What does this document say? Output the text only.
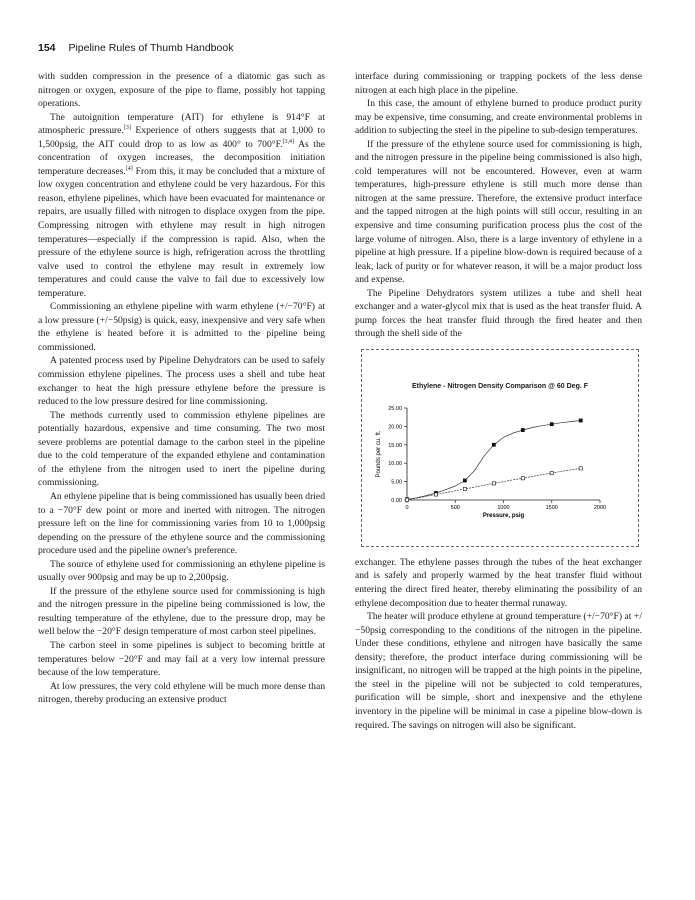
154 Pipeline Rules of Thumb Handbook

with sudden compression in the presence of a diatomic gas such as nitrogen or oxygen, exposure of the pipe to flame, possibly hot tapping operations.

The autoignition temperature (AIT) for ethylene is 914°F at atmospheric pressure.[3] Experience of others suggests that at 1,000 to 1,500psig, the AIT could drop to as low as 400° to 700°F.[3,4] As the concentration of oxygen increases, the decomposition initiation temperature decreases.[4] From this, it may be concluded that a mixture of low oxygen concentration and ethylene could be very hazardous. For this reason, ethylene pipelines, which have been evacuated for maintenance or repairs, are usually filled with nitrogen to displace oxygen from the pipe. Compressing nitrogen with ethylene may result in high nitrogen temperatures—especially if the compression is rapid. Also, when the pressure of the ethylene source is high, refrigeration across the throttling valve used to control the ethylene may result in extremely low temperatures and could cause the valve to fail due to excessively low temperature.

Commissioning an ethylene pipeline with warm ethylene (+/−70°F) at a low pressure (+/−50psig) is quick, easy, inexpensive and very safe when the ethylene is heated before it is admitted to the pipeline being commissioned.

A patented process used by Pipeline Dehydrators can be used to safely commission ethylene pipelines. The process uses a shell and tube heat exchanger to heat the high pressure ethylene before the pressure is reduced to the low pressure desired for line commissioning.

The methods currently used to commission ethylene pipelines are potentially hazardous, expensive and time consuming. The two most severe problems are potential damage to the carbon steel in the pipeline due to the cold temperature of the expanded ethylene and contamination of the ethylene from the nitrogen used to inert the pipeline during commissioning.

An ethylene pipeline that is being commissioned has usually been dried to a −70°F dew point or more and inerted with nitrogen. The nitrogen pressure left on the line for commissioning varies from 10 to 1,000psig depending on the pressure of the ethylene source and the commissioning procedure used and the pipeline owner's preference.

The source of ethylene used for commissioning an ethylene pipeline is usually over 900psig and may be up to 2,200psig.

If the pressure of the ethylene source used for commissioning is high and the nitrogen pressure in the pipeline being commissioned is low, the resulting temperature of the ethylene, due to the pressure drop, may be well below the −20°F design temperature of most carbon steel pipelines.

The carbon steel in some pipelines is subject to becoming brittle at temperatures below −20°F and may fail at a very low internal pressure because of the low temperature.

At low pressures, the very cold ethylene will be much more dense than nitrogen, thereby producing an extensive product

interface during commissioning or trapping pockets of the less dense nitrogen at each high place in the pipeline.

In this case, the amount of ethylene burned to produce product purity may be expensive, time consuming, and create environmental problems in addition to subjecting the steel in the pipeline to sub-design temperatures.

If the pressure of the ethylene source used for commissioning is high, and the nitrogen pressure in the pipeline being commissioned is also high, cold temperatures will not be encountered. However, even at warm temperatures, high-pressure ethylene is still much more dense than nitrogen at the same pressure. Therefore, the extensive product interface and the tapped nitrogen at the high points will still occur, resulting in an expensive and time consuming purification process plus the cost of the large volume of nitrogen. Also, there is a large inventory of ethylene in a pipeline at high pressure. If a pipeline blow-down is required because of a leak, lack of purity or for whatever reason, it will be a major product loss and expense.

The Pipeline Dehydrators system utilizes a tube and shell heat exchanger and a water-glycol mix that is used as the heat transfer fluid. A pump forces the heat transfer fluid through the fired heater and then through the shell side of the

Ethylene - Nitrogen Density Comparison @ 60 Deg. F
0.00
5.00
10.00
15.00
20.00
25.00
0	500	1000	1500	2000
Pressure, psig
Pounds per cu. ft.

exchanger. The ethylene passes through the tubes of the heat exchanger and is safely and properly warmed by the heat transfer fluid without entering the direct fired heater, thereby eliminating the possibility of an ethylene decomposition due to heater thermal runaway.

The heater will produce ethylene at ground temperature (+/−70°F) at +/−50psig corresponding to the conditions of the nitrogen in the pipeline. Under these conditions, ethylene and nitrogen have basically the same density; therefore, the product interface during commissioning will be insignificant, no nitrogen will be trapped at the high points in the pipeline, the steel in the pipeline will not be subjected to cold temperatures, purification will be simple, short and inexpensive and the ethylene inventory in the pipeline will be minimal in case a pipeline blow-down is required. The savings on nitrogen will also be significant.
